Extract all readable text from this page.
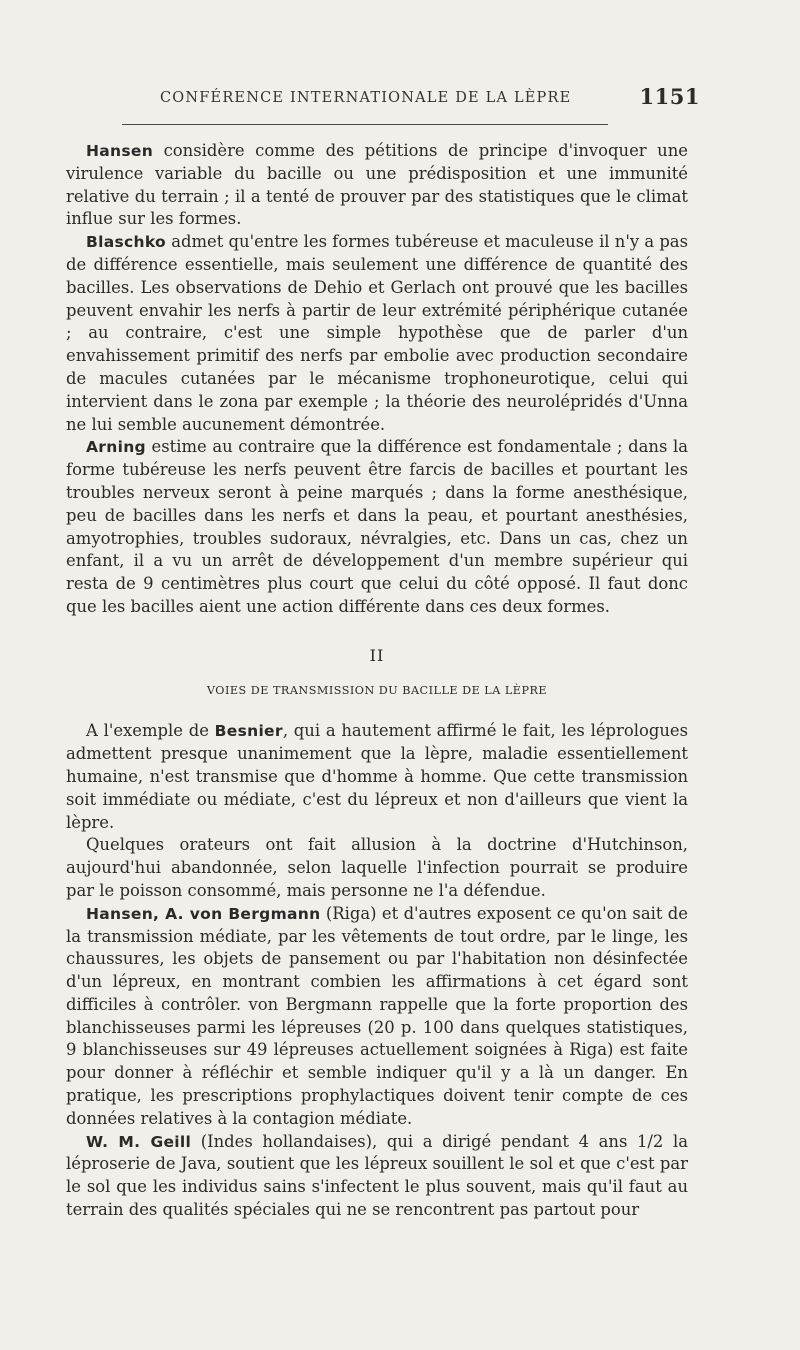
CONFÉRENCE INTERNATIONALE DE LA LÈPRE	1151

Hansen considère comme des pétitions de principe d'invoquer une virulence variable du bacille ou une prédisposition et une immunité relative du terrain ; il a tenté de prouver par des statistiques que le climat influe sur les formes.

Blaschko admet qu'entre les formes tubéreuse et maculeuse il n'y a pas de différence essentielle, mais seulement une différence de quantité des bacilles. Les observations de Dehio et Gerlach ont prouvé que les bacilles peuvent envahir les nerfs à partir de leur extrémité périphérique cutanée ; au contraire, c'est une simple hypothèse que de parler d'un envahissement primitif des nerfs par embolie avec production secondaire de macules cutanées par le mécanisme trophoneurotique, celui qui intervient dans le zona par exemple ; la théorie des neurolépridés d'Unna ne lui semble aucunement démontrée.

Arning estime au contraire que la différence est fondamentale ; dans la forme tubéreuse les nerfs peuvent être farcis de bacilles et pourtant les troubles nerveux seront à peine marqués ; dans la forme anesthésique, peu de bacilles dans les nerfs et dans la peau, et pourtant anesthésies, amyotrophies, troubles sudoraux, névralgies, etc. Dans un cas, chez un enfant, il a vu un arrêt de développement d'un membre supérieur qui resta de 9 centimètres plus court que celui du côté opposé. Il faut donc que les bacilles aient une action différente dans ces deux formes.

II
VOIES DE TRANSMISSION DU BACILLE DE LA LÈPRE

A l'exemple de Besnier, qui a hautement affirmé le fait, les léprologues admettent presque unanimement que la lèpre, maladie essentiellement humaine, n'est transmise que d'homme à homme. Que cette transmission soit immédiate ou médiate, c'est du lépreux et non d'ailleurs que vient la lèpre.

Quelques orateurs ont fait allusion à la doctrine d'Hutchinson, aujourd'hui abandonnée, selon laquelle l'infection pourrait se produire par le poisson consommé, mais personne ne l'a défendue.

Hansen, A. von Bergmann (Riga) et d'autres exposent ce qu'on sait de la transmission médiate, par les vêtements de tout ordre, par le linge, les chaussures, les objets de pansement ou par l'habitation non désinfectée d'un lépreux, en montrant combien les affirmations à cet égard sont difficiles à contrôler. von Bergmann rappelle que la forte proportion des blanchisseuses parmi les lépreuses (20 p. 100 dans quelques statistiques, 9 blanchisseuses sur 49 lépreuses actuellement soignées à Riga) est faite pour donner à réfléchir et semble indiquer qu'il y a là un danger. En pratique, les prescriptions prophylactiques doivent tenir compte de ces données relatives à la contagion médiate.

W. M. Geill (Indes hollandaises), qui a dirigé pendant 4 ans 1/2 la léproserie de Java, soutient que les lépreux souillent le sol et que c'est par le sol que les individus sains s'infectent le plus souvent, mais qu'il faut au terrain des qualités spéciales qui ne se rencontrent pas partout pour
